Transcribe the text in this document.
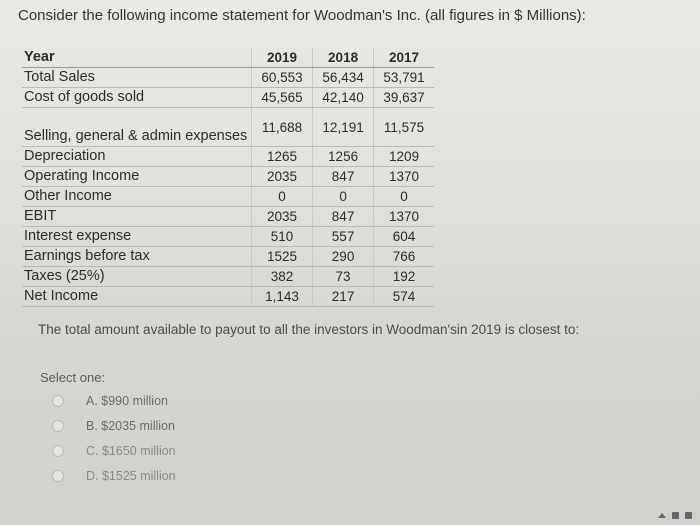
Consider the following income statement for Woodman's Inc. (all figures in $ Millions):
Year	2019	2018	2017
Total Sales	60,553	56,434	53,791
Cost of goods sold	45,565	42,140	39,637
Selling, general & admin expenses	11,688	12,191	11,575
Depreciation	1265	1256	1209
Operating Income	2035	847	1370
Other Income	0	0	0
EBIT	2035	847	1370
Interest expense	510	557	604
Earnings before tax	1525	290	766
Taxes (25%)	382	73	192
Net Income	1,143	217	574
The total amount available to payout to all the investors in Woodman'sin 2019 is closest to:
Select one:
A. $990 million
B. $2035 million
C. $1650 million
D. $1525 million
